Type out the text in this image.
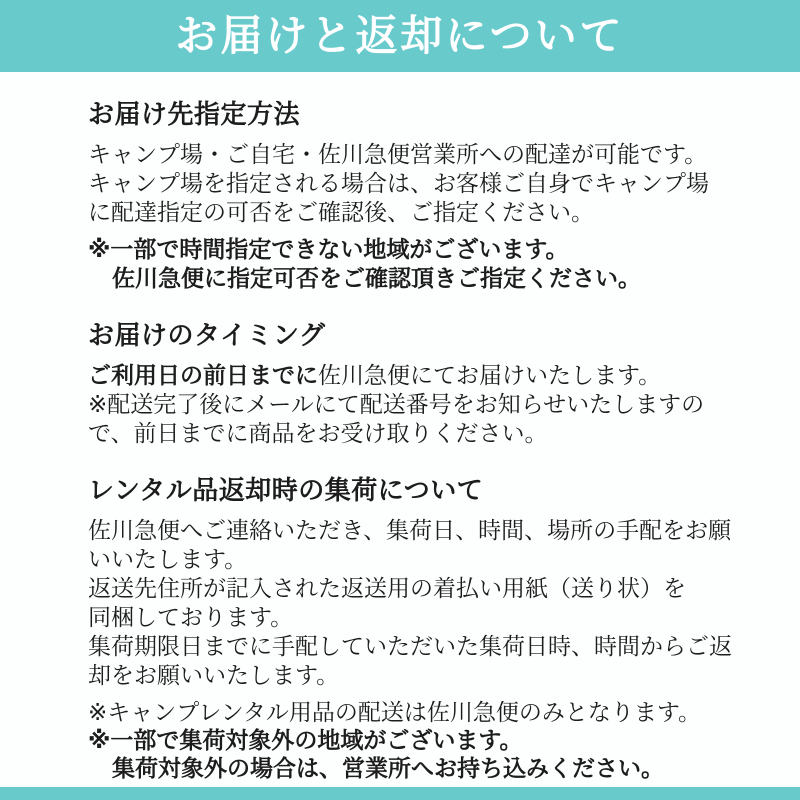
お届けと返却について
お届け先指定方法
キャンプ場・ご自宅・佐川急便営業所への配達が可能です。
キャンプ場を指定される場合は、お客様ご自身でキャンプ場
に配達指定の可否をご確認後、ご指定ください。
※一部で時間指定できない地域がございます。
佐川急便に指定可否をご確認頂きご指定ください。
お届けのタイミング
ご利用日の前日までに佐川急便にてお届けいたします。
※配送完了後にメールにて配送番号をお知らせいたしますの
で、前日までに商品をお受け取りください。
レンタル品返却時の集荷について
佐川急便へご連絡いただき、集荷日、時間、場所の手配をお願
いいたします。
返送先住所が記入された返送用の着払い用紙（送り状）を
同梱しております。
集荷期限日までに手配していただいた集荷日時、時間からご返
却をお願いいたします。
※キャンプレンタル用品の配送は佐川急便のみとなります。
※一部で集荷対象外の地域がございます。
集荷対象外の場合は、営業所へお持ち込みください。
